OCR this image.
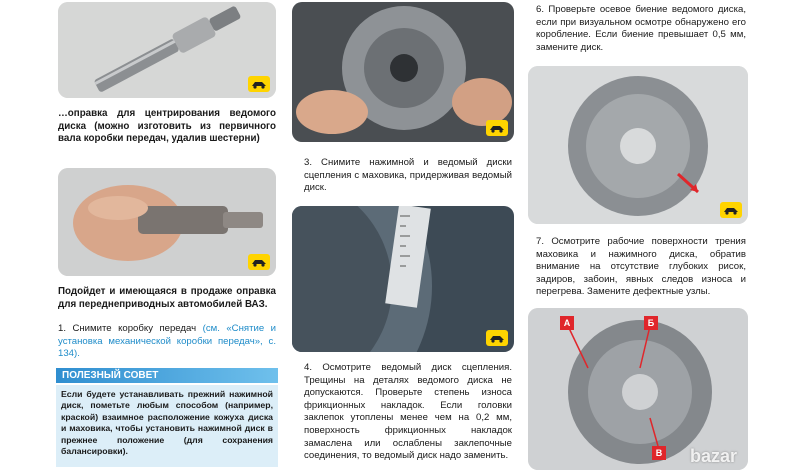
…оправка для центрирования ведомого диска (можно изготовить из первичного вала коробки передач, удалив шестерни)
Подойдет и имеющаяся в продаже оправка для переднеприводных автомобилей ВАЗ.
1. Снимите коробку передач (см. «Снятие и установка механической коробки передач», с. 134).
ПОЛЕЗНЫЙ СОВЕТ
Если будете устанавливать прежний нажимной диск, пометьте любым способом (например, краской) взаимное расположение кожуха диска и маховика, чтобы установить нажимной диск в прежнее положение (для сохранения балансировки).
3. Снимите нажимной и ведомый диски сцепления с маховика, придерживая ведомый диск.
4. Осмотрите ведомый диск сцепления. Трещины на деталях ведомого диска не допускаются. Проверьте степень износа фрикционных накладок. Если головки заклепок утоплены менее чем на 0,2 мм, поверхность фрикционных накладок замаслена или ослаблены заклепочные соединения, то ведомый диск надо заменить.
6. Проверьте осевое биение ведомого диска, если при визуальном осмотре обнаружено его коробление. Если биение превышает 0,5 мм, замените диск.
7. Осмотрите рабочие поверхности трения маховика и нажимного диска, обратив внимание на отсутствие глубоких рисок, задиров, забоин, явных следов износа и перегрева. Замените дефектные узлы.
А	Б
В bazar
